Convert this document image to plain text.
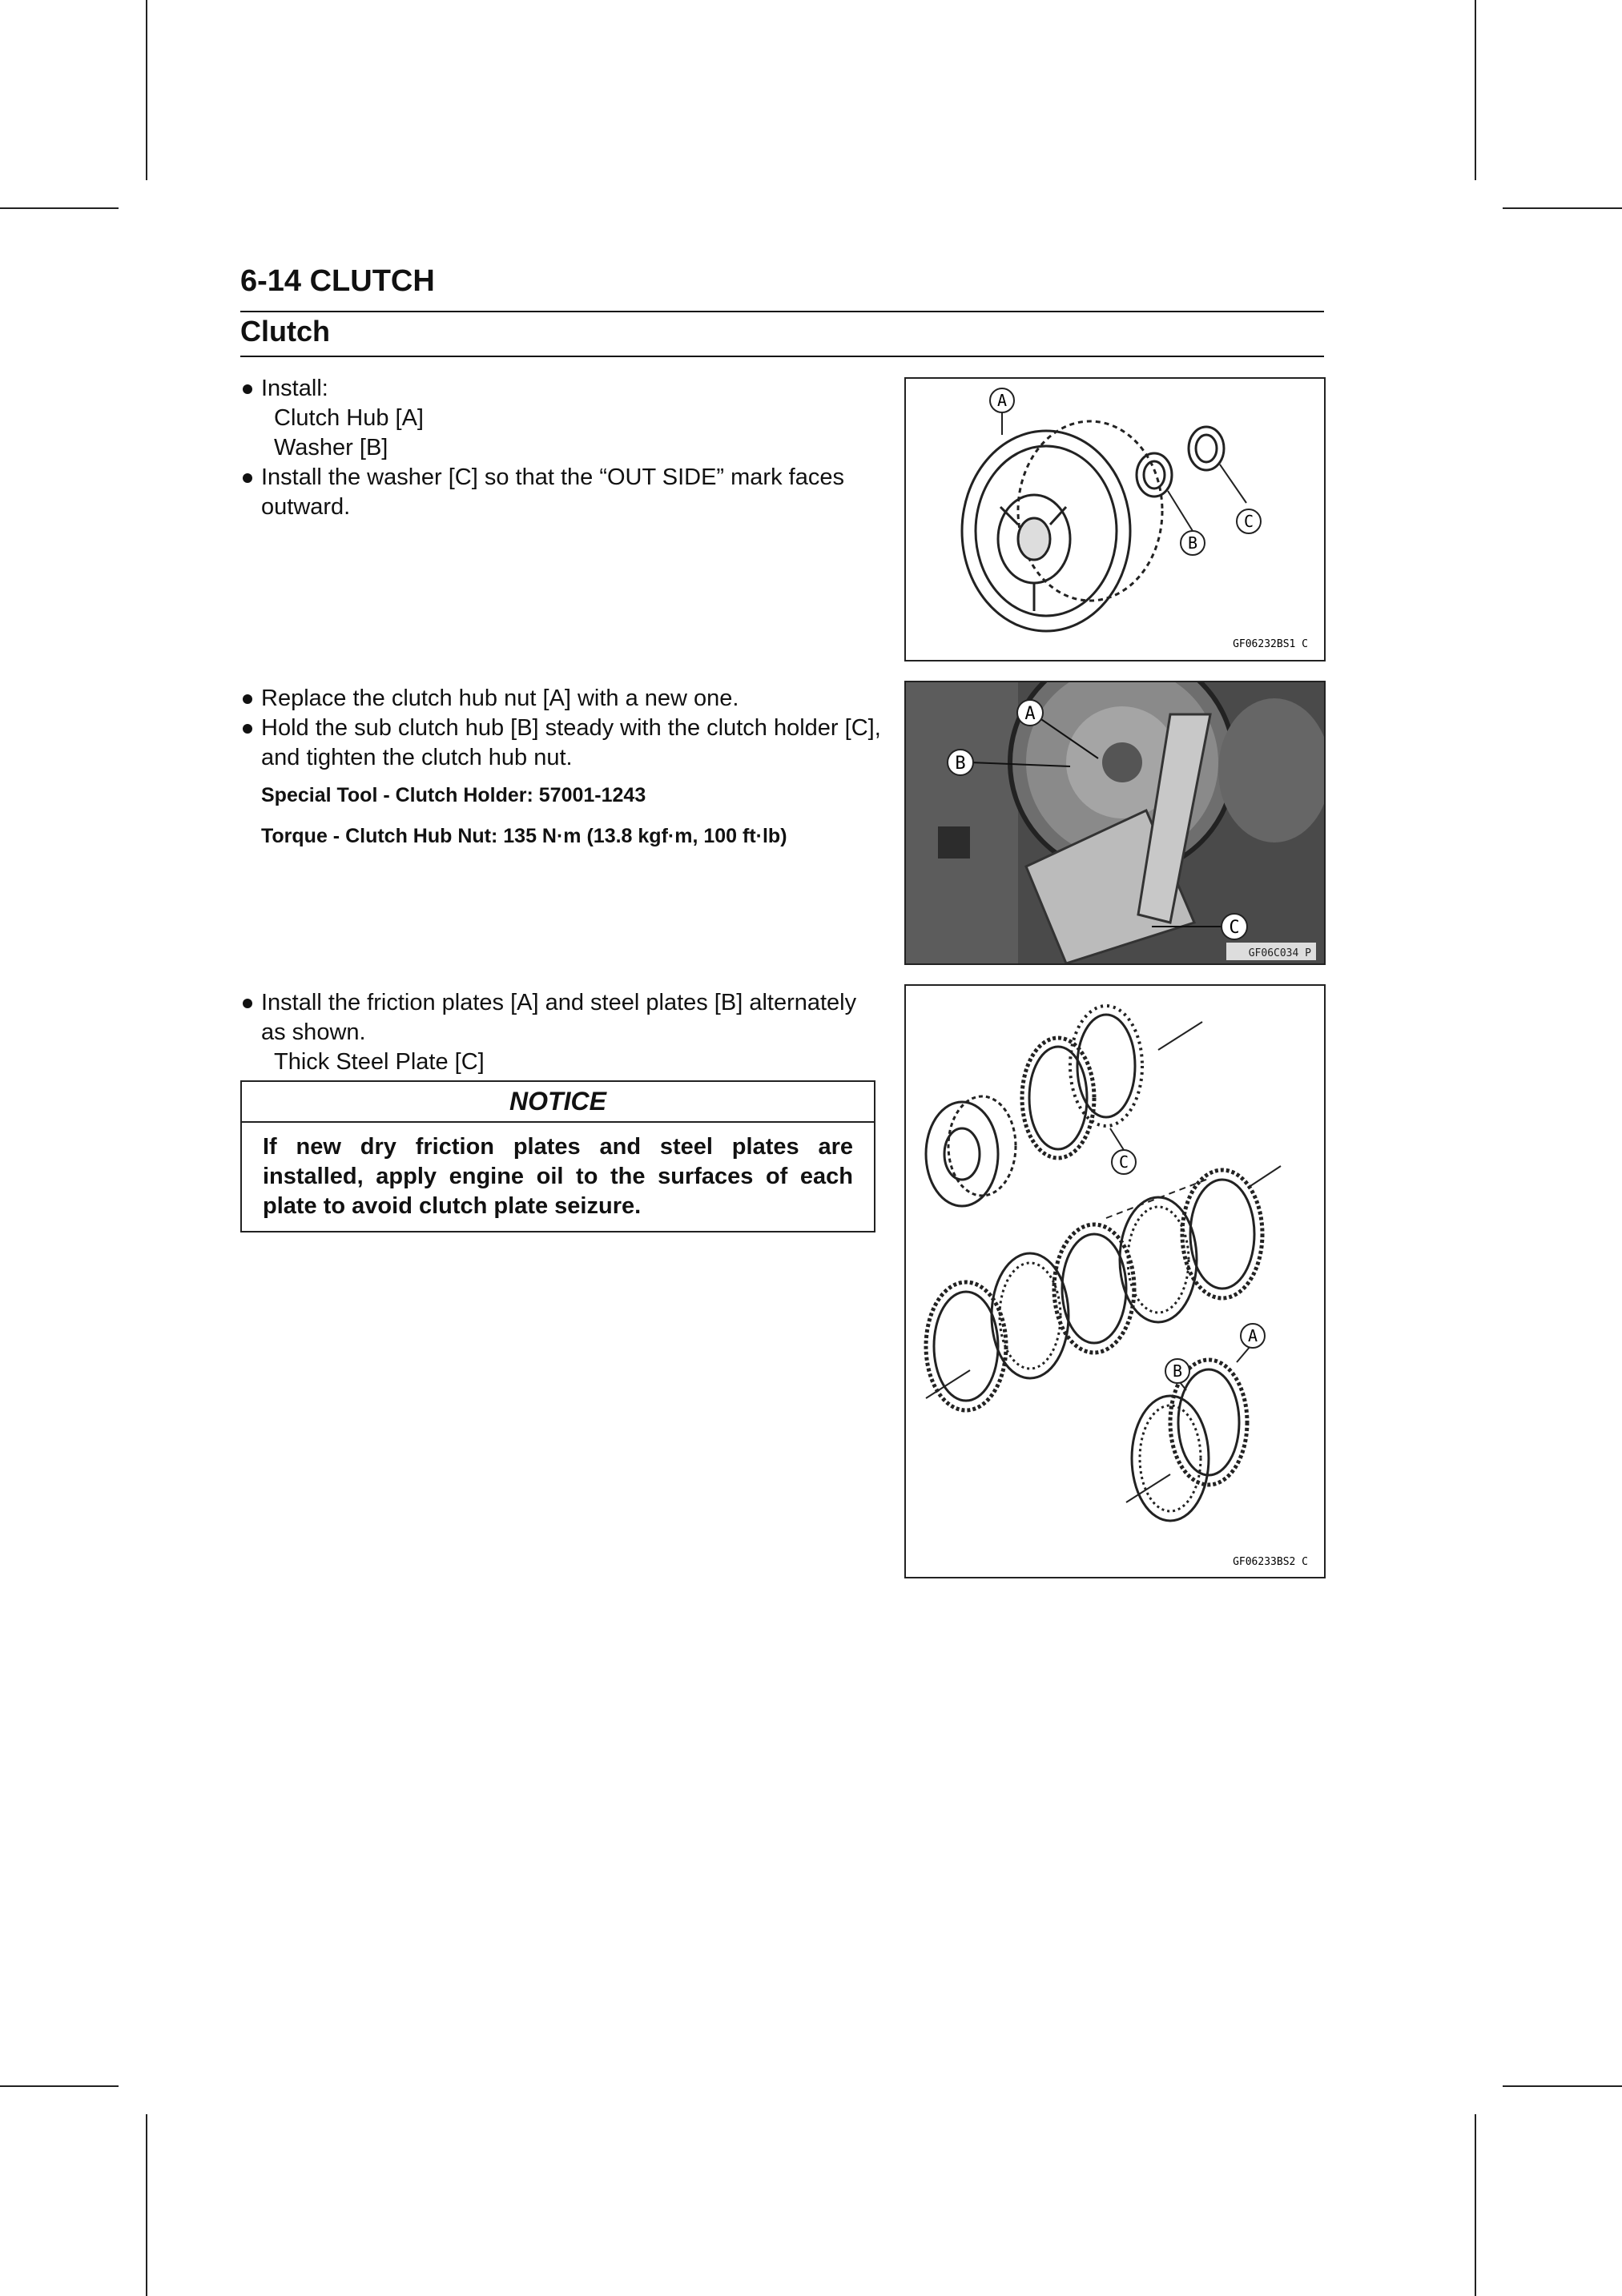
6-14 CLUTCH
Clutch
Install:
Clutch Hub [A]
Washer [B]
Install the washer [C] so that the “OUT SIDE” mark faces outward.
Replace the clutch hub nut [A] with a new one.
Hold the sub clutch hub [B] steady with the clutch holder [C], and tighten the clutch hub nut.
Special Tool - Clutch Holder: 57001-1243
Torque - Clutch Hub Nut: 135 N·m (13.8 kgf·m, 100 ft·lb)
Install the friction plates [A] and steel plates [B] alternately as shown.
Thick Steel Plate [C]
NOTICE
If new dry friction plates and steel plates are installed, apply engine oil to the surfaces of each plate to avoid clutch plate seizure.
A
B
C
GF06232BS1 C
A
B
C
GF06C034 P
C
A
B
GF06233BS2 C
